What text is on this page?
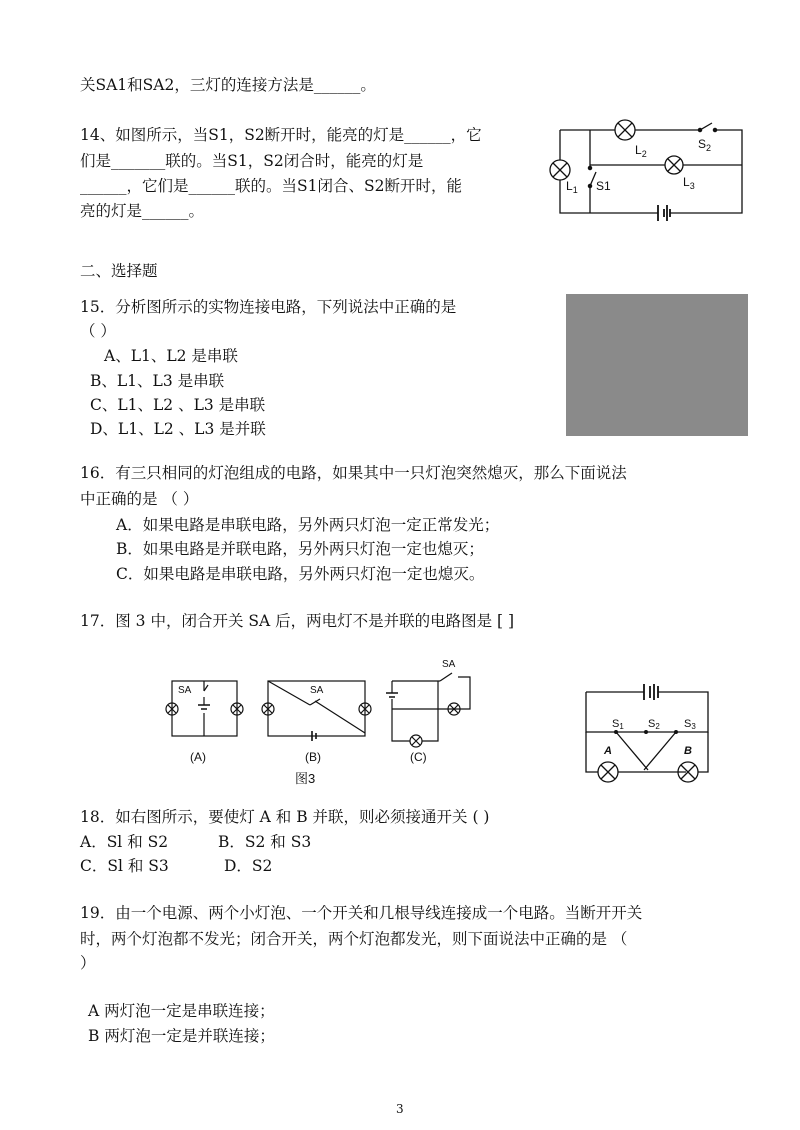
关SA1和SA2，三灯的连接方法是______。
14、如图所示，当S1，S2断开时，能亮的灯是______，它
们是_______联的。当S1，S2闭合时，能亮的灯是
______，它们是______联的。当S1闭合、S2断开时，能
亮的灯是______。
$L_1$
$L_2$
$L_3$
S1
$S_2$
二、选择题
15．分析图所示的实物连接电路，下列说法中正确的是
（ ）
A、L1、L2 是串联
B、L1、L3 是串联
C、L1、L2 、L3 是串联
D、L1、L2 、L3 是并联
16．有三只相同的灯泡组成的电路，如果其中一只灯泡突然熄灭，那么下面说法
中正确的是 （ ）
A．如果电路是串联电路，另外两只灯泡一定正常发光；
B．如果电路是并联电路，另外两只灯泡一定也熄灭；
C．如果电路是串联电路，另外两只灯泡一定也熄灭。
17．图 3 中，闭合开关 SA 后，两电灯不是并联的电路图是 [ ]
SA	SA
SA
(A)	(B)	(C)
图3
S1 S2 S3
A	B
18．如右图所示，要使灯 A 和 B 并联，则必须接通开关 ( )
A．Sl 和 S2	B．S2 和 S3
C．Sl 和 S3	D．S2
19．由一个电源、两个小灯泡、一个开关和几根导线连接成一个电路。当断开开关
时，两个灯泡都不发光；闭合开关，两个灯泡都发光，则下面说法中正确的是 （
）
A 两灯泡一定是串联连接；
B 两灯泡一定是并联连接；
3
